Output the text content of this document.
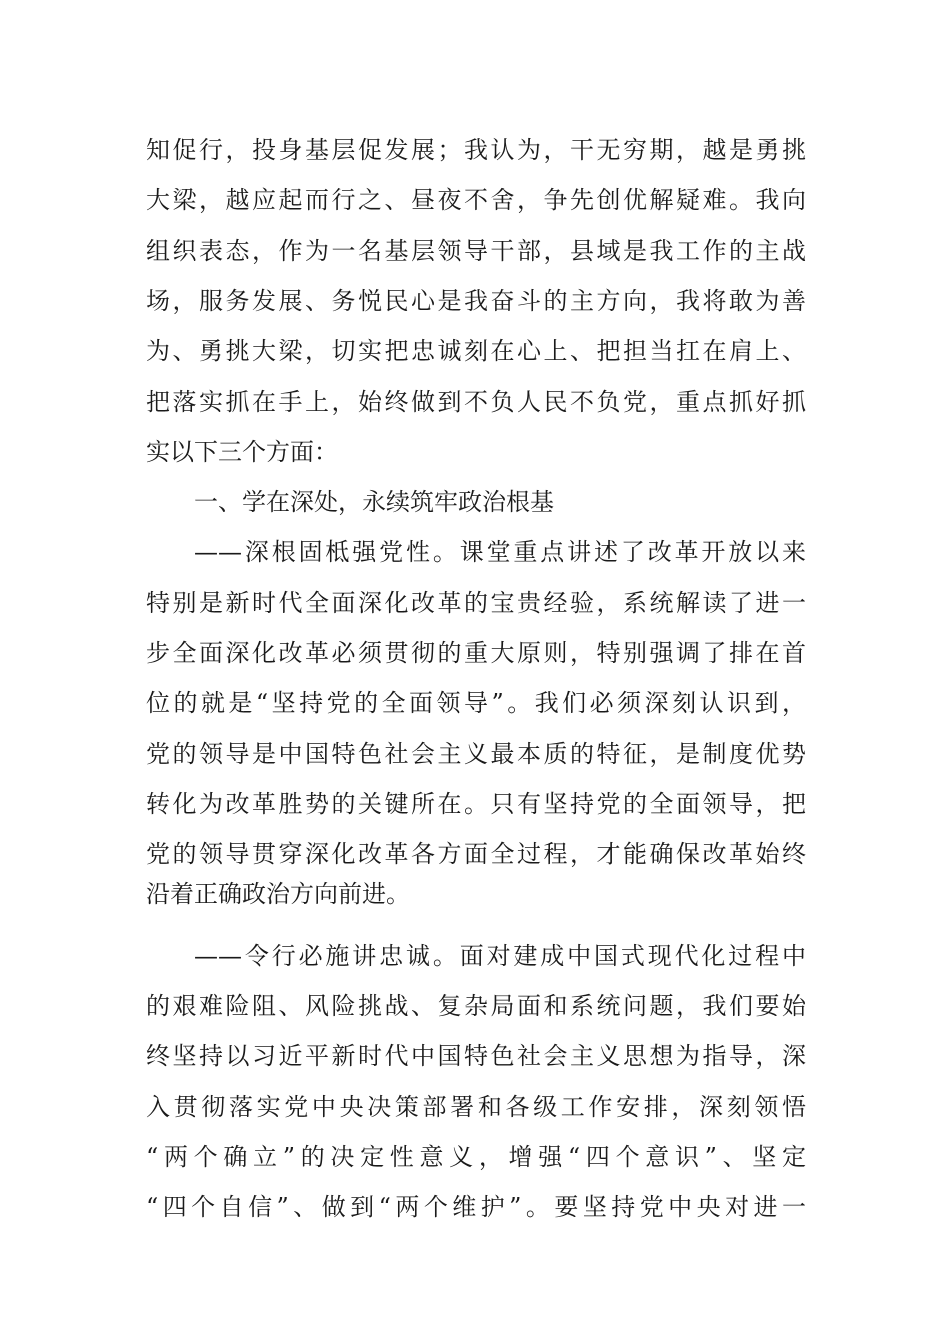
知促行，投身基层促发展；我认为，干无穷期，越是勇挑
大梁，越应起而行之、昼夜不舍，争先创优解疑难。我向
组织表态，作为一名基层领导干部，县域是我工作的主战
场，服务发展、务悦民心是我奋斗的主方向，我将敢为善
为、勇挑大梁，切实把忠诚刻在心上、把担当扛在肩上、
把落实抓在手上，始终做到不负人民不负党，重点抓好抓
实以下三个方面：
一、学在深处，永续筑牢政治根基
——深根固柢强党性。课堂重点讲述了改革开放以来
特别是新时代全面深化改革的宝贵经验，系统解读了进一
步全面深化改革必须贯彻的重大原则，特别强调了排在首
位的就是“坚持党的全面领导”。我们必须深刻认识到，
党的领导是中国特色社会主义最本质的特征，是制度优势
转化为改革胜势的关键所在。只有坚持党的全面领导，把
党的领导贯穿深化改革各方面全过程，才能确保改革始终
沿着正确政治方向前进。
——令行必施讲忠诚。面对建成中国式现代化过程中
的艰难险阻、风险挑战、复杂局面和系统问题，我们要始
终坚持以习近平新时代中国特色社会主义思想为指导，深
入贯彻落实党中央决策部署和各级工作安排，深刻领悟
“两个确立”的决定性意义，增强“四个意识”、坚定
“四个自信”、做到“两个维护”。要坚持党中央对进一
